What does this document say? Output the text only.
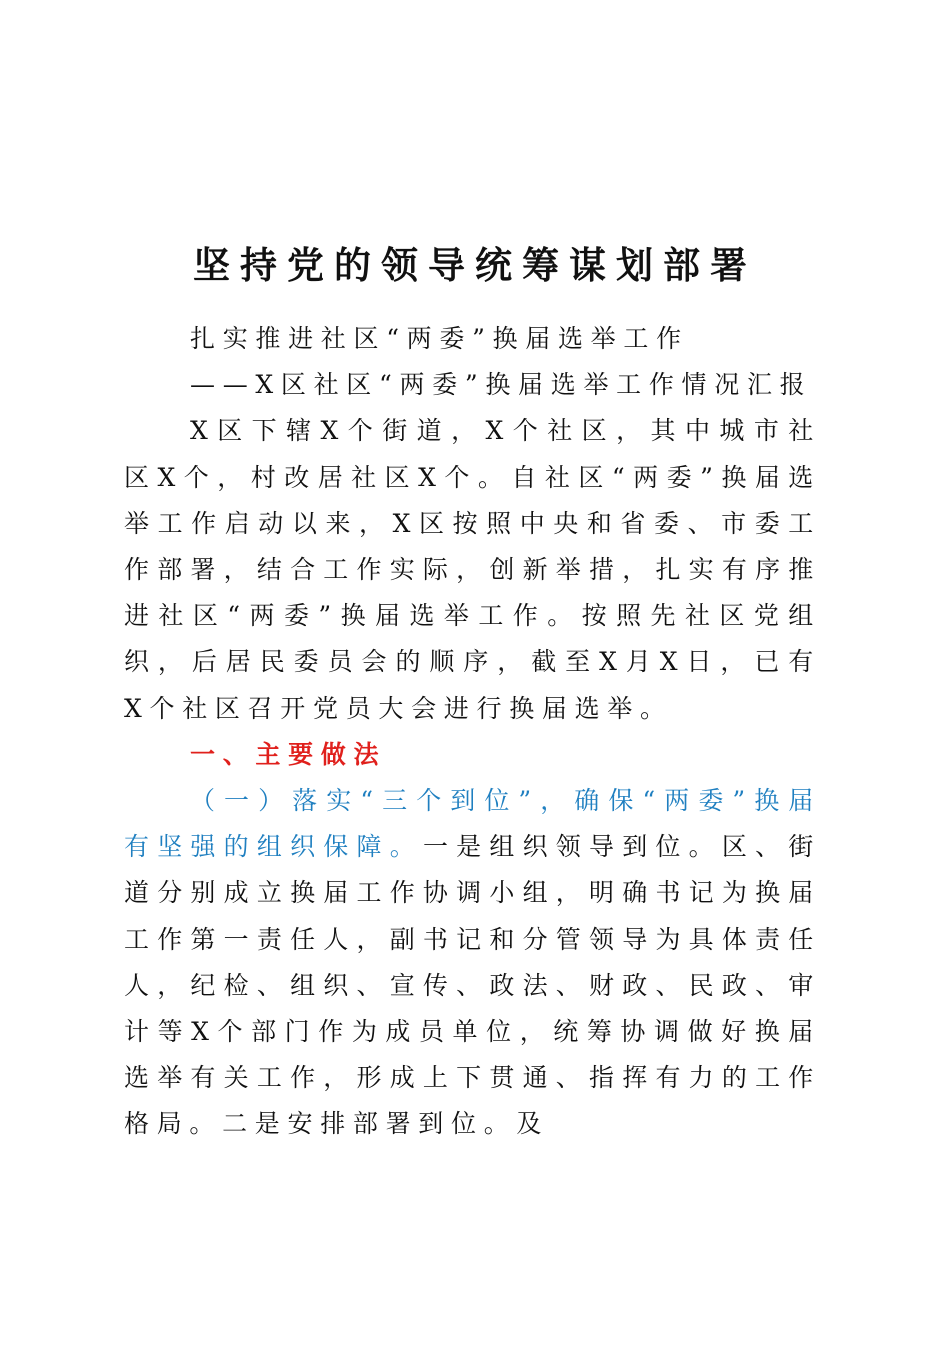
坚持党的领导统筹谋划部署

扎实推进社区“两委”换届选举工作

——X区社区“两委”换届选举工作情况汇报

X区下辖X个街道，X个社区，其中城市社区X个，村改居社区X个。自社区“两委”换届选举工作启动以来，X区按照中央和省委、市委工作部署，结合工作实际，创新举措，扎实有序推进社区“两委”换届选举工作。按照先社区党组织，后居民委员会的顺序，截至X月X日，已有X个社区召开党员大会进行换届选举。

一、主要做法

（一）落实“三个到位”，确保“两委”换届有坚强的组织保障。一是组织领导到位。区、街道分别成立换届工作协调小组，明确书记为换届工作第一责任人，副书记和分管领导为具体责任人，纪检、组织、宣传、政法、财政、民政、审计等X个部门作为成员单位，统筹协调做好换届选举有关工作，形成上下贯通、指挥有力的工作格局。二是安排部署到位。及
